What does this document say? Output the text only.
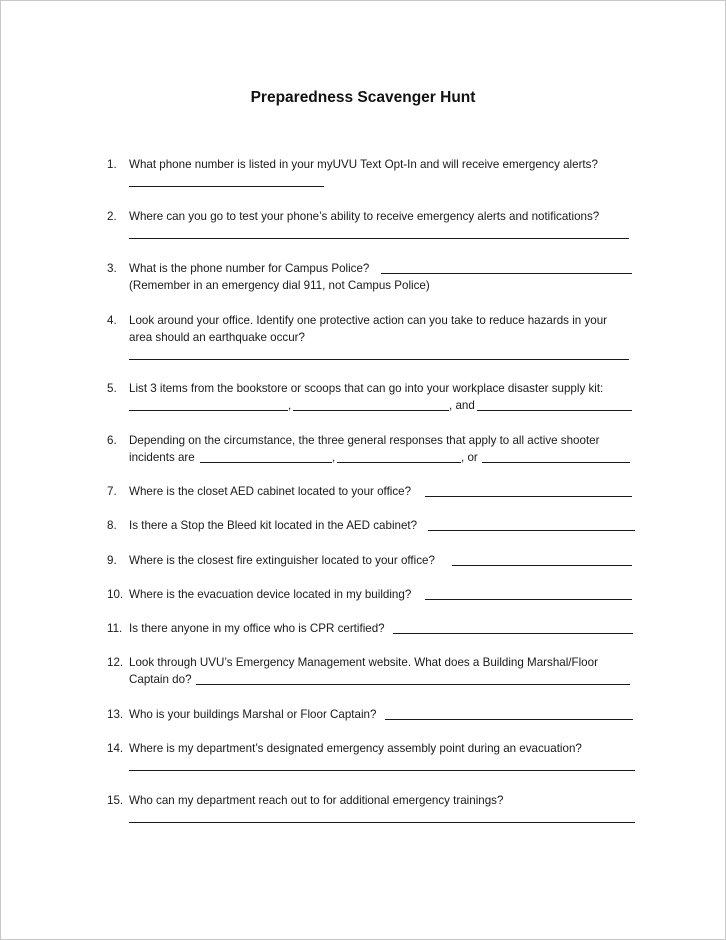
Preparedness Scavenger Hunt
1.	What phone number is listed in your myUVU Text Opt-In and will receive emergency alerts?
2.	Where can you go to test your phone’s ability to receive emergency alerts and notifications?
3.	What is the phone number for Campus Police?
(Remember in an emergency dial 911, not Campus Police)
4.	Look around your office. Identify one protective action can you take to reduce hazards in your
area should an earthquake occur?
5.	List 3 items from the bookstore or scoops that can go into your workplace disaster supply kit:
,	, and
6.	Depending on the circumstance, the three general responses that apply to all active shooter
incidents are	,	, or
7.	Where is the closet AED cabinet located to your office?
8.	Is there a Stop the Bleed kit located in the AED cabinet?
9.	Where is the closest fire extinguisher located to your office?
10. Where is the evacuation device located in my building?
11. Is there anyone in my office who is CPR certified?
12. Look through UVU’s Emergency Management website. What does a Building Marshal/Floor
Captain do?
13. Who is your buildings Marshal or Floor Captain?
14. Where is my department’s designated emergency assembly point during an evacuation?
15. Who can my department reach out to for additional emergency trainings?
